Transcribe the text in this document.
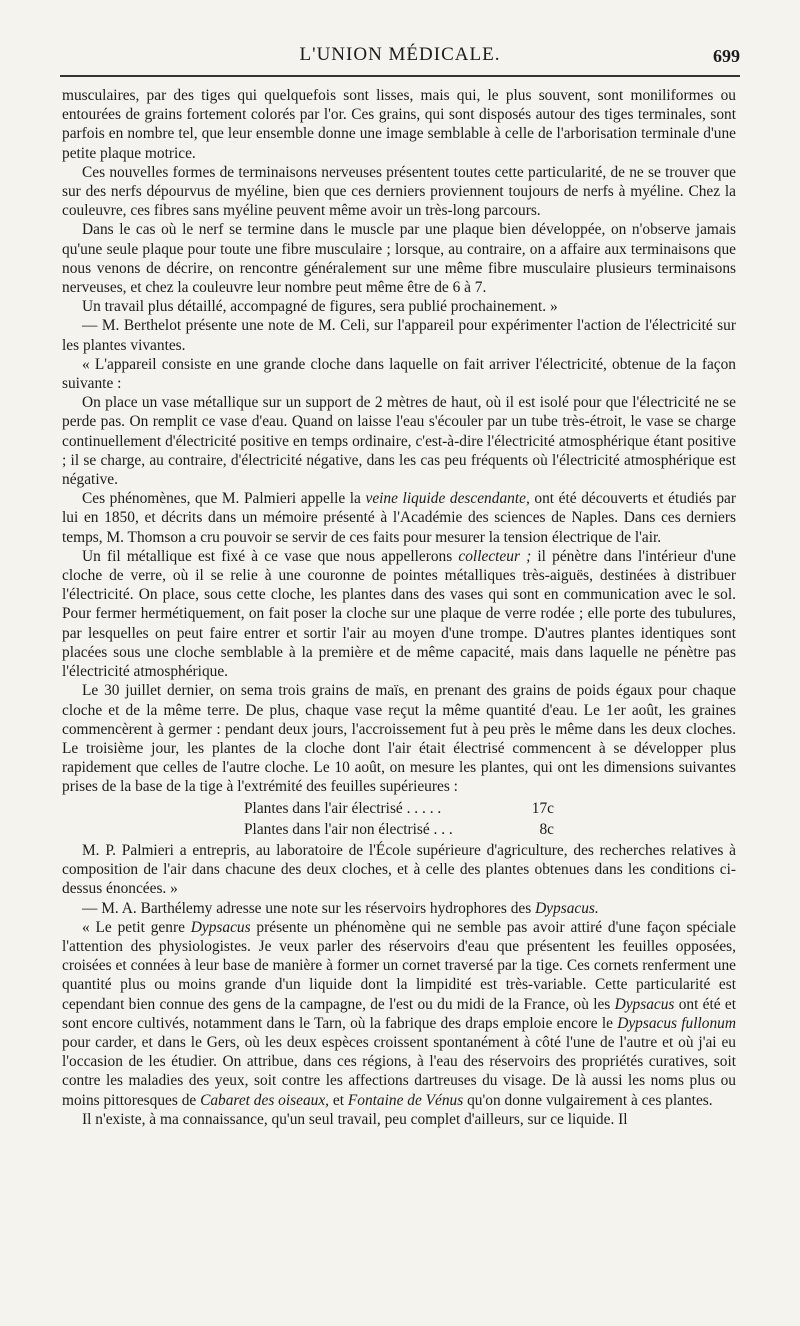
L'UNION MÉDICALE.	699

musculaires, par des tiges qui quelquefois sont lisses, mais qui, le plus souvent, sont moniliformes ou entourées de grains fortement colorés par l'or. Ces grains, qui sont disposés autour des tiges terminales, sont parfois en nombre tel, que leur ensemble donne une image semblable à celle de l'arborisation terminale d'une petite plaque motrice.

Ces nouvelles formes de terminaisons nerveuses présentent toutes cette particularité, de ne se trouver que sur des nerfs dépourvus de myéline, bien que ces derniers proviennent toujours de nerfs à myéline. Chez la couleuvre, ces fibres sans myéline peuvent même avoir un très-long parcours.

Dans le cas où le nerf se termine dans le muscle par une plaque bien développée, on n'observe jamais qu'une seule plaque pour toute une fibre musculaire ; lorsque, au contraire, on a affaire aux terminaisons que nous venons de décrire, on rencontre généralement sur une même fibre musculaire plusieurs terminaisons nerveuses, et chez la couleuvre leur nombre peut même être de 6 à 7.

Un travail plus détaillé, accompagné de figures, sera publié prochainement. »

— M. Berthelot présente une note de M. Celi, sur l'appareil pour expérimenter l'action de l'électricité sur les plantes vivantes.

« L'appareil consiste en une grande cloche dans laquelle on fait arriver l'électricité, obtenue de la façon suivante :

On place un vase métallique sur un support de 2 mètres de haut, où il est isolé pour que l'électricité ne se perde pas. On remplit ce vase d'eau. Quand on laisse l'eau s'écouler par un tube très-étroit, le vase se charge continuellement d'électricité positive en temps ordinaire, c'est-à-dire l'électricité atmosphérique étant positive ; il se charge, au contraire, d'électricité négative, dans les cas peu fréquents où l'électricité atmosphérique est négative.

Ces phénomènes, que M. Palmieri appelle la veine liquide descendante, ont été découverts et étudiés par lui en 1850, et décrits dans un mémoire présenté à l'Académie des sciences de Naples. Dans ces derniers temps, M. Thomson a cru pouvoir se servir de ces faits pour mesurer la tension électrique de l'air.

Un fil métallique est fixé à ce vase que nous appellerons collecteur ; il pénètre dans l'intérieur d'une cloche de verre, où il se relie à une couronne de pointes métalliques très-aiguës, destinées à distribuer l'électricité. On place, sous cette cloche, les plantes dans des vases qui sont en communication avec le sol. Pour fermer hermétiquement, on fait poser la cloche sur une plaque de verre rodée ; elle porte des tubulures, par lesquelles on peut faire entrer et sortir l'air au moyen d'une trompe. D'autres plantes identiques sont placées sous une cloche semblable à la première et de même capacité, mais dans laquelle ne pénètre pas l'électricité atmosphérique.

Le 30 juillet dernier, on sema trois grains de maïs, en prenant des grains de poids égaux pour chaque cloche et de la même terre. De plus, chaque vase reçut la même quantité d'eau. Le 1er août, les graines commencèrent à germer : pendant deux jours, l'accroissement fut à peu près le même dans les deux cloches. Le troisième jour, les plantes de la cloche dont l'air était électrisé commencent à se développer plus rapidement que celles de l'autre cloche. Le 10 août, on mesure les plantes, qui ont les dimensions suivantes prises de la base de la tige à l'extrémité des feuilles supérieures :

Plantes dans l'air électrisé . . . . .	17c
Plantes dans l'air non électrisé . . .	8c

M. P. Palmieri a entrepris, au laboratoire de l'École supérieure d'agriculture, des recherches relatives à composition de l'air dans chacune des deux cloches, et à celle des plantes obtenues dans les conditions ci-dessus énoncées. »

— M. A. Barthélemy adresse une note sur les réservoirs hydrophores des Dypsacus.

« Le petit genre Dypsacus présente un phénomène qui ne semble pas avoir attiré d'une façon spéciale l'attention des physiologistes. Je veux parler des réservoirs d'eau que présentent les feuilles opposées, croisées et connées à leur base de manière à former un cornet traversé par la tige. Ces cornets renferment une quantité plus ou moins grande d'un liquide dont la limpidité est très-variable. Cette particularité est cependant bien connue des gens de la campagne, de l'est ou du midi de la France, où les Dypsacus ont été et sont encore cultivés, notamment dans le Tarn, où la fabrique des draps emploie encore le Dypsacus fullonum pour carder, et dans le Gers, où les deux espèces croissent spontanément à côté l'une de l'autre et où j'ai eu l'occasion de les étudier. On attribue, dans ces régions, à l'eau des réservoirs des propriétés curatives, soit contre les maladies des yeux, soit contre les affections dartreuses du visage. De là aussi les noms plus ou moins pittoresques de Cabaret des oiseaux, et Fontaine de Vénus qu'on donne vulgairement à ces plantes.

Il n'existe, à ma connaissance, qu'un seul travail, peu complet d'ailleurs, sur ce liquide. Il
